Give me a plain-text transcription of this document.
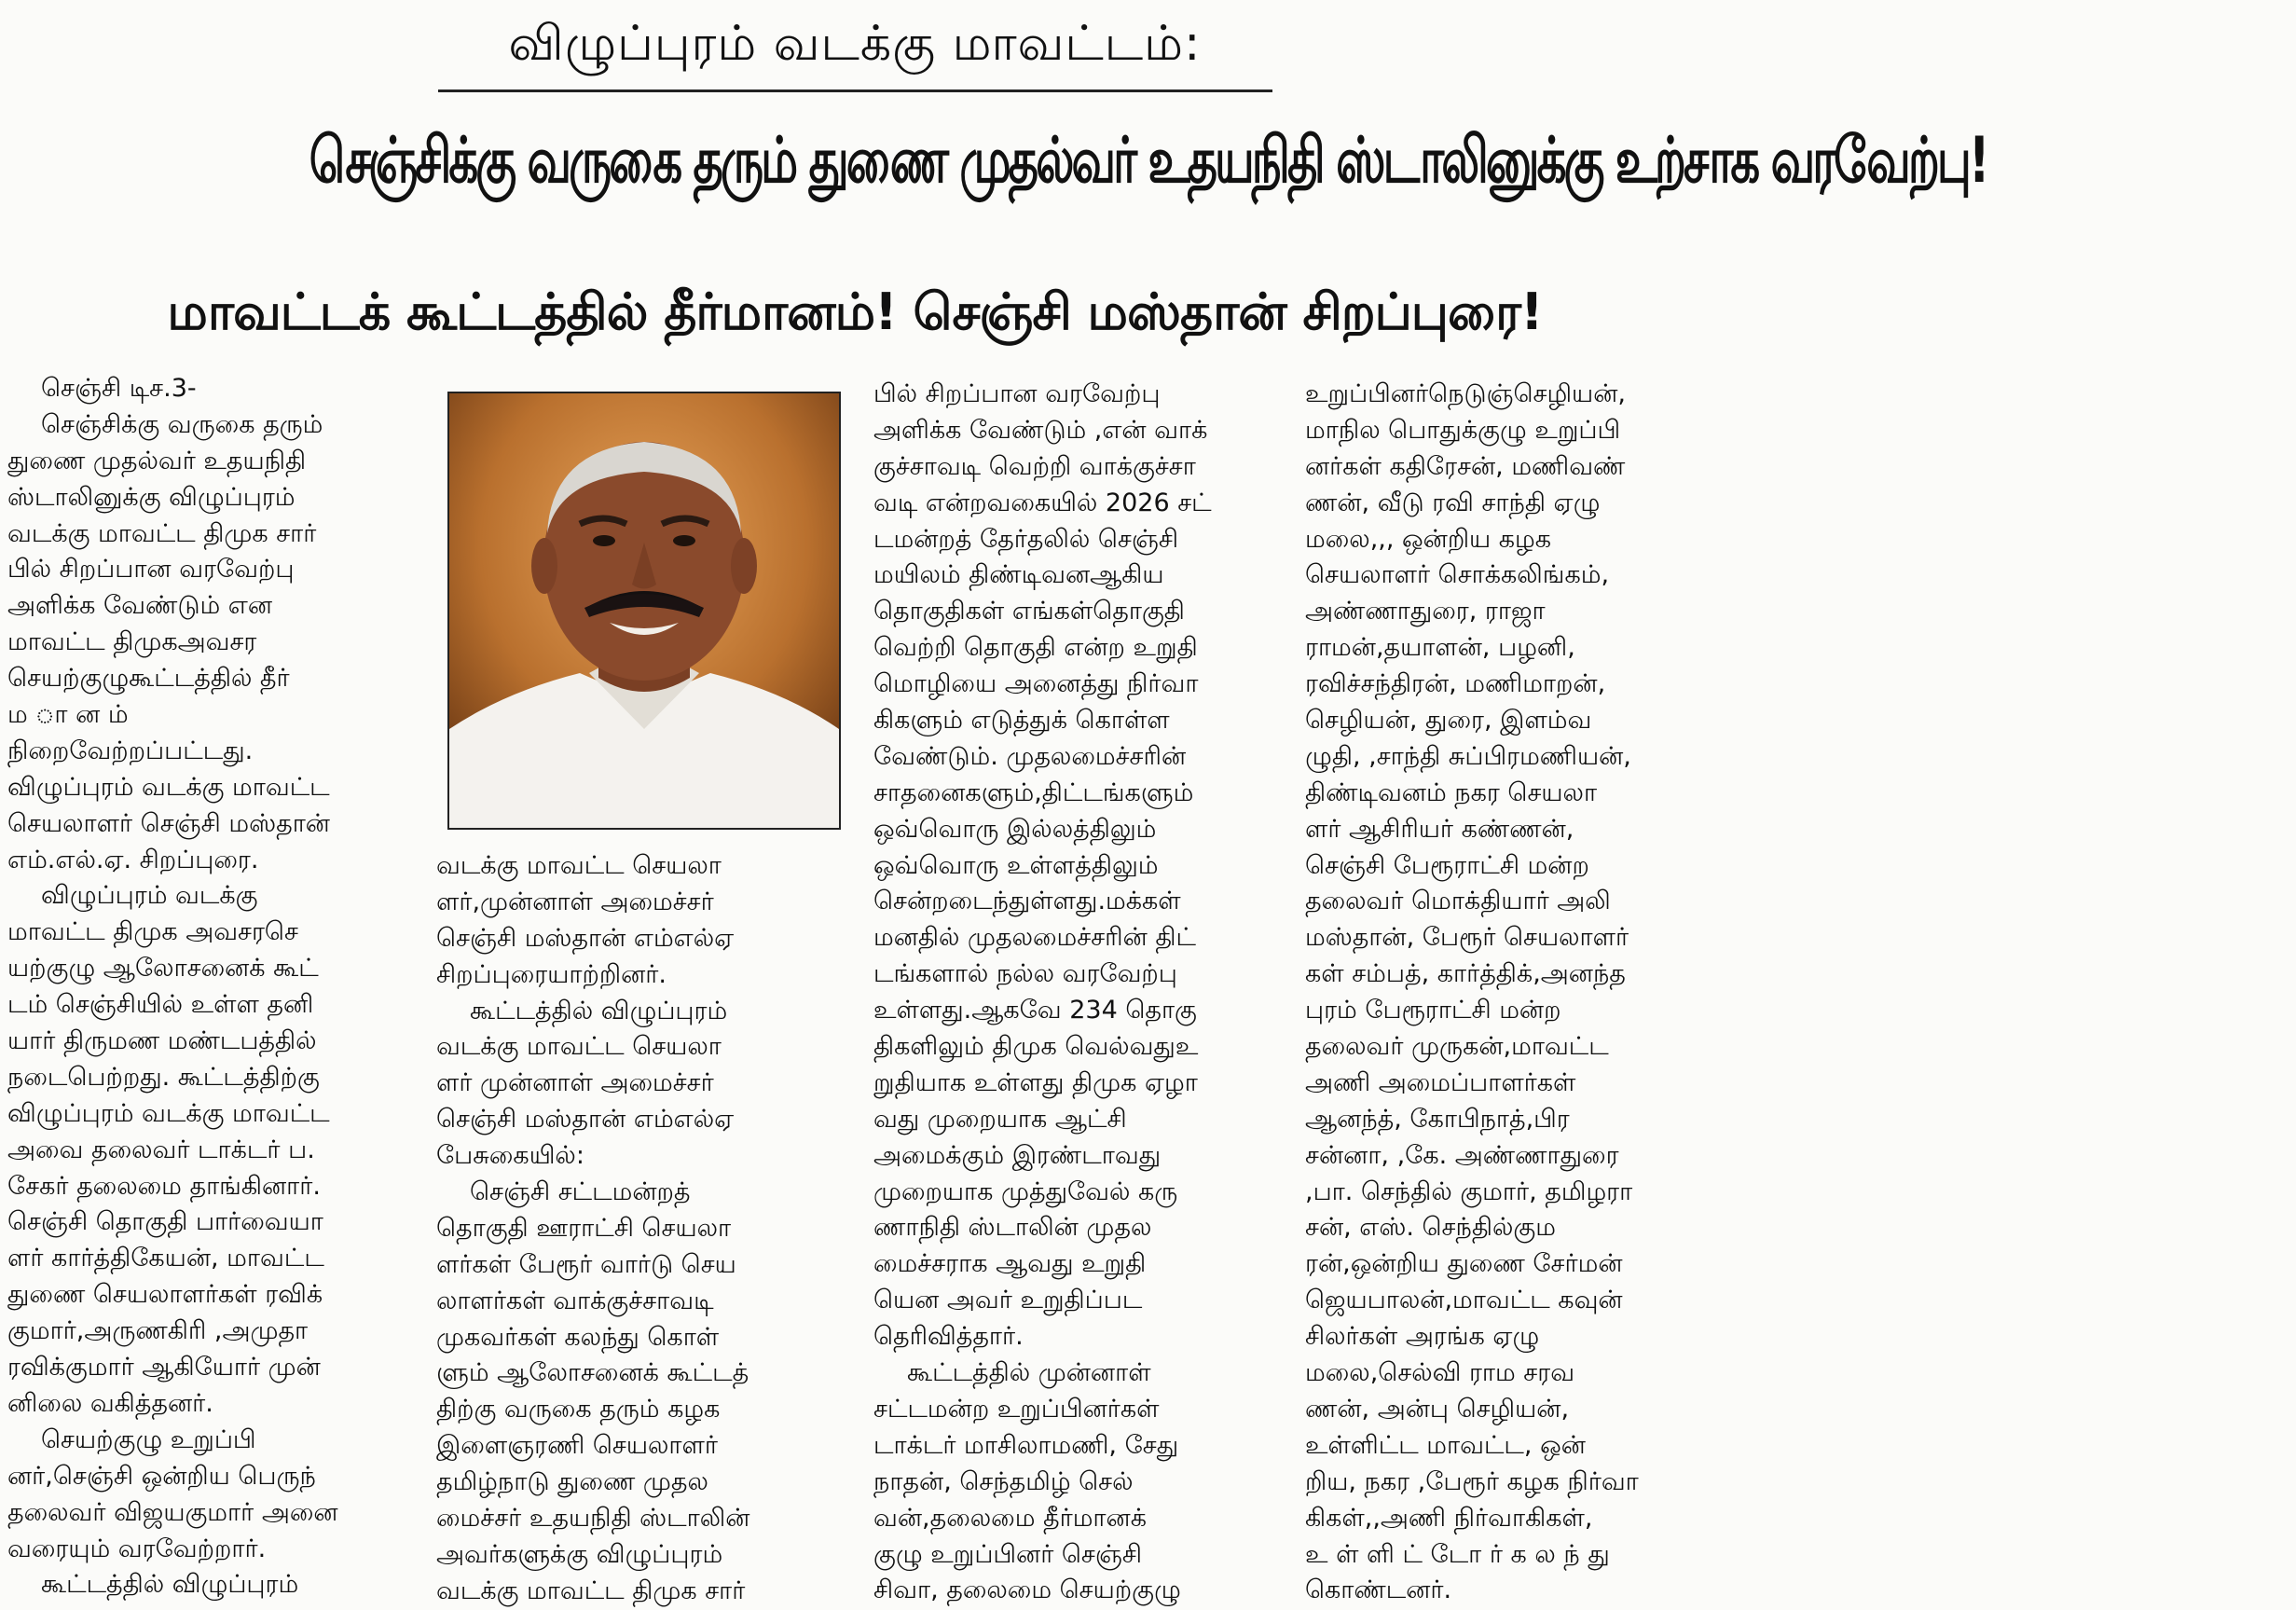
விழுப்புரம் வடக்கு மாவட்டம்:
செஞ்சிக்கு வருகை தரும் துணை முதல்வர் உதயநிதி ஸ்டாலினுக்கு உற்சாக வரவேற்பு!
மாவட்டக் கூட்டத்தில் தீர்மானம்! செஞ்சி மஸ்தான் சிறப்புரை!
செஞ்சி டிச.3-
செஞ்சிக்கு வருகை தரும்
துணை முதல்வர் உதயநிதி
ஸ்டாலினுக்கு விழுப்புரம்
வடக்கு மாவட்ட திமுக சார்
பில் சிறப்பான வரவேற்பு
அளிக்க வேண்டும் என
மாவட்ட திமுகஅவசர
செயற்குழுகூட்டத்தில் தீர்
ம ா ன ம்
நிறைவேற்றப்பட்டது.
விழுப்புரம் வடக்கு மாவட்ட
செயலாளர் செஞ்சி மஸ்தான்
எம்.எல்.ஏ. சிறப்புரை.
விழுப்புரம் வடக்கு
மாவட்ட திமுக அவசரசெ
யற்குழு ஆலோசனைக் கூட்
டம் செஞ்சியில் உள்ள தனி
யார் திருமண மண்டபத்தில்
நடைபெற்றது. கூட்டத்திற்கு
விழுப்புரம் வடக்கு மாவட்ட
அவை தலைவர் டாக்டர் ப.
சேகர் தலைமை தாங்கினார்.
செஞ்சி தொகுதி பார்வையா
ளர் கார்த்திகேயன், மாவட்ட
துணை செயலாளர்கள் ரவிக்
குமார்,அருணகிரி ,அமுதா
ரவிக்குமார் ஆகியோர் முன்
னிலை வகித்தனர்.
செயற்குழு உறுப்பி
னர்,செஞ்சி ஒன்றிய பெருந்
தலைவர் விஜயகுமார் அனை
வரையும் வரவேற்றார்.
கூட்டத்தில் விழுப்புரம்
வடக்கு மாவட்ட செயலா
ளர்,முன்னாள் அமைச்சர்
செஞ்சி மஸ்தான் எம்எல்ஏ
சிறப்புரையாற்றினர்.
கூட்டத்தில் விழுப்புரம்
வடக்கு மாவட்ட செயலா
ளர் முன்னாள் அமைச்சர்
செஞ்சி மஸ்தான் எம்எல்ஏ
பேசுகையில்:
செஞ்சி சட்டமன்றத்
தொகுதி ஊராட்சி செயலா
ளர்கள் பேரூர் வார்டு செய
லாளர்கள் வாக்குச்சாவடி
முகவர்கள் கலந்து கொள்
ளும் ஆலோசனைக் கூட்டத்
திற்கு வருகை தரும் கழக
இளைஞரணி செயலாளர்
தமிழ்நாடு துணை முதல
மைச்சர் உதயநிதி ஸ்டாலின்
அவர்களுக்கு விழுப்புரம்
வடக்கு மாவட்ட திமுக சார்
பில் சிறப்பான வரவேற்பு
அளிக்க வேண்டும் ,என் வாக்
குச்சாவடி வெற்றி வாக்குச்சா
வடி என்றவகையில் 2026 சட்
டமன்றத் தேர்தலில் செஞ்சி
மயிலம் திண்டிவனஆகிய
தொகுதிகள் எங்கள்தொகுதி
வெற்றி தொகுதி என்ற உறுதி
மொழியை அனைத்து நிர்வா
கிகளும் எடுத்துக் கொள்ள
வேண்டும். முதலமைச்சரின்
சாதனைகளும்,திட்டங்களும்
ஒவ்வொரு இல்லத்திலும்
ஒவ்வொரு உள்ளத்திலும்
சென்றடைந்துள்ளது.மக்கள்
மனதில் முதலமைச்சரின் திட்
டங்களால் நல்ல வரவேற்பு
உள்ளது.ஆகவே 234 தொகு
திகளிலும் திமுக வெல்வதுஉ
றுதியாக உள்ளது திமுக ஏழா
வது முறையாக ஆட்சி
அமைக்கும் இரண்டாவது
முறையாக முத்துவேல் கரு
ணாநிதி ஸ்டாலின் முதல
மைச்சராக ஆவது உறுதி
யென அவர் உறுதிப்பட
தெரிவித்தார்.
கூட்டத்தில் முன்னாள்
சட்டமன்ற உறுப்பினர்கள்
டாக்டர் மாசிலாமணி, சேது
நாதன், செந்தமிழ் செல்
வன்,தலைமை தீர்மானக்
குழு உறுப்பினர் செஞ்சி
சிவா, தலைமை செயற்குழு
உறுப்பினர்நெடுஞ்செழியன்,
மாநில பொதுக்குழு உறுப்பி
னர்கள் கதிரேசன், மணிவண்
ணன், வீடு ரவி சாந்தி ஏழு
மலை,,, ஒன்றிய கழக
செயலாளர் சொக்கலிங்கம்,
அண்ணாதுரை, ராஜா
ராமன்,தயாளன், பழனி,
ரவிச்சந்திரன், மணிமாறன்,
செழியன், துரை, இளம்வ
ழுதி, ,சாந்தி சுப்பிரமணியன்,
திண்டிவனம் நகர செயலா
ளர் ஆசிரியர் கண்ணன்,
செஞ்சி பேரூராட்சி மன்ற
தலைவர் மொக்தியார் அலி
மஸ்தான், பேரூர் செயலாளர்
கள் சம்பத், கார்த்திக்,அனந்த
புரம் பேரூராட்சி மன்ற
தலைவர் முருகன்,மாவட்ட
அணி அமைப்பாளர்கள்
ஆனந்த், கோபிநாத்,பிர
சன்னா, ,கே. அண்ணாதுரை
,பா. செந்தில் குமார், தமிழரா
சன், எஸ். செந்தில்கும
ரன்,ஒன்றிய துணை சேர்மன்
ஜெயபாலன்,மாவட்ட கவுன்
சிலர்கள் அரங்க ஏழு
மலை,செல்வி ராம சரவ
ணன், அன்பு செழியன்,
உள்ளிட்ட மாவட்ட, ஒன்
றிய, நகர ,பேரூர் கழக நிர்வா
கிகள்,,அணி நிர்வாகிகள்,
உ ள் ளி ட் டோ ர் க ல ந் து
கொண்டனர்.
